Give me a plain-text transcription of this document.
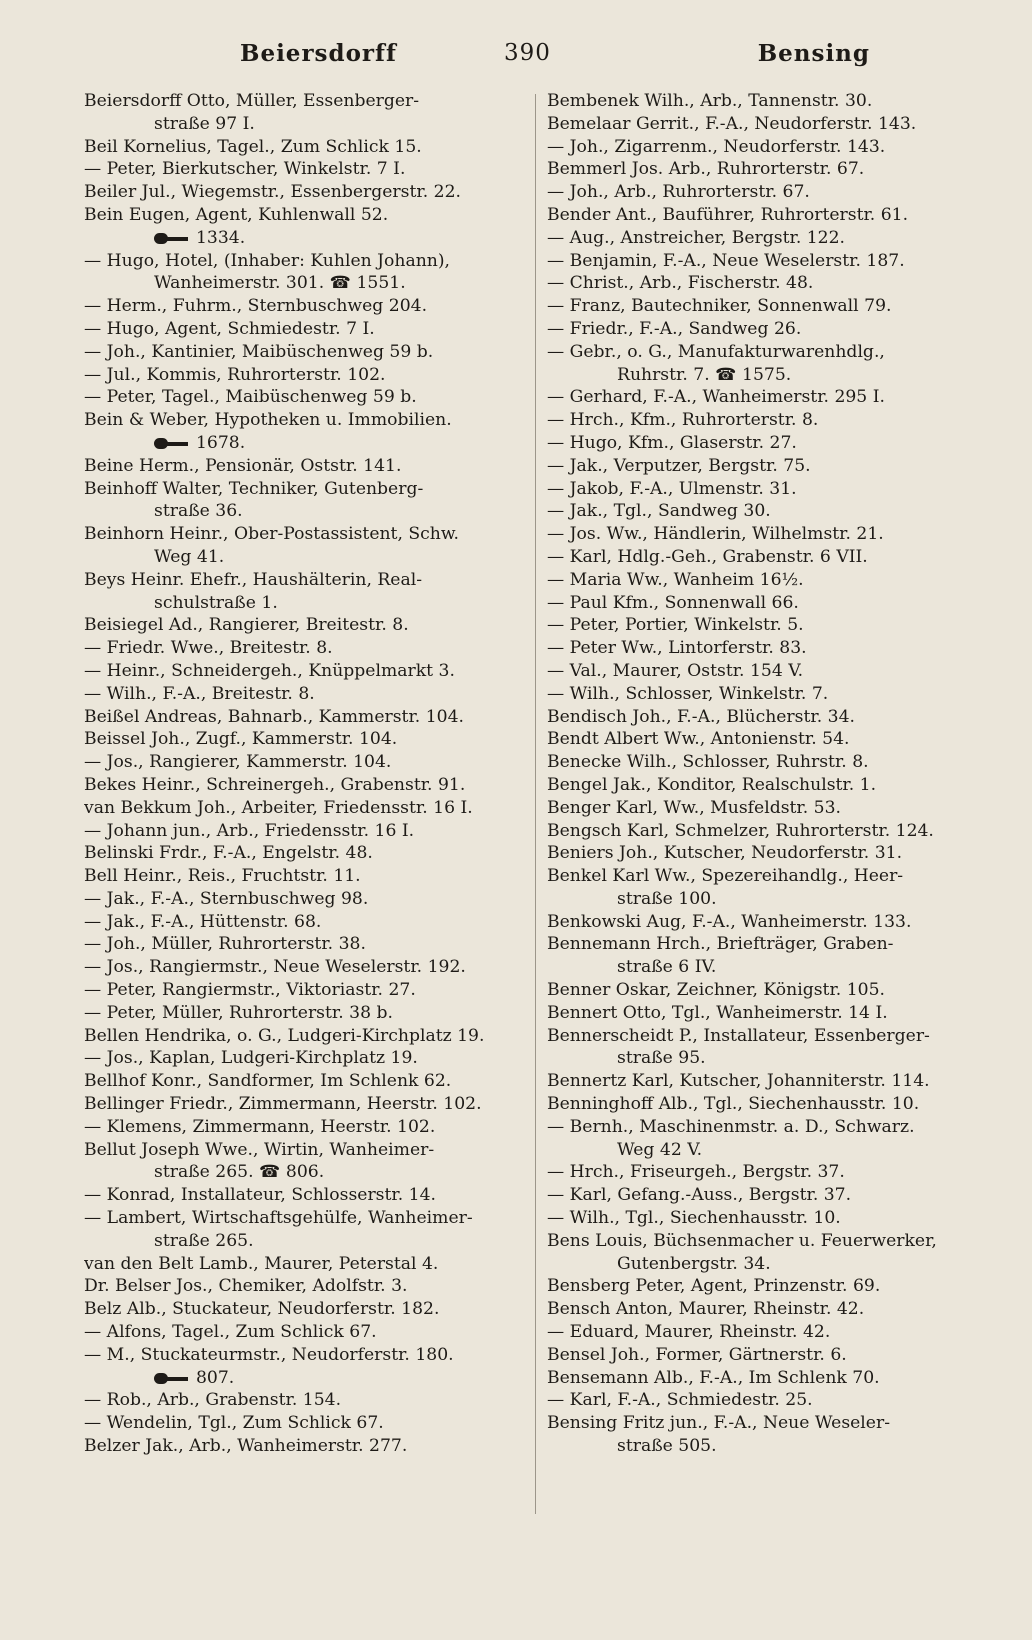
Beiersdorff	390	Bensing
Beiersdorff Otto, Müller, Essenberger-
straße 97 I.
Beil Kornelius, Tagel., Zum Schlick 15.
— Peter, Bierkutscher, Winkelstr. 7 I.
Beiler Jul., Wiegemstr., Essenbergerstr. 22.
Bein Eugen, Agent, Kuhlenwall 52.
1334.
— Hugo, Hotel, (Inhaber: Kuhlen Johann),
Wanheimerstr. 301. ☎ 1551.
— Herm., Fuhrm., Sternbuschweg 204.
— Hugo, Agent, Schmiedestr. 7 I.
— Joh., Kantinier, Maibüschenweg 59 b.
— Jul., Kommis, Ruhrorterstr. 102.
— Peter, Tagel., Maibüschenweg 59 b.
Bein & Weber, Hypotheken u. Immobilien.
1678.
Beine Herm., Pensionär, Oststr. 141.
Beinhoff Walter, Techniker, Gutenberg-
straße 36.
Beinhorn Heinr., Ober-Postassistent, Schw.
Weg 41.
Beys Heinr. Ehefr., Haushälterin, Real-
schulstraße 1.
Beisiegel Ad., Rangierer, Breitestr. 8.
— Friedr. Wwe., Breitestr. 8.
— Heinr., Schneidergeh., Knüppelmarkt 3.
— Wilh., F.-A., Breitestr. 8.
Beißel Andreas, Bahnarb., Kammerstr. 104.
Beissel Joh., Zugf., Kammerstr. 104.
— Jos., Rangierer, Kammerstr. 104.
Bekes Heinr., Schreinergeh., Grabenstr. 91.
van Bekkum Joh., Arbeiter, Friedensstr. 16 I.
— Johann jun., Arb., Friedensstr. 16 I.
Belinski Frdr., F.-A., Engelstr. 48.
Bell Heinr., Reis., Fruchtstr. 11.
— Jak., F.-A., Sternbuschweg 98.
— Jak., F.-A., Hüttenstr. 68.
— Joh., Müller, Ruhrorterstr. 38.
— Jos., Rangiermstr., Neue Weselerstr. 192.
— Peter, Rangiermstr., Viktoriastr. 27.
— Peter, Müller, Ruhrorterstr. 38 b.
Bellen Hendrika, o. G., Ludgeri-Kirchplatz 19.
— Jos., Kaplan, Ludgeri-Kirchplatz 19.
Bellhof Konr., Sandformer, Im Schlenk 62.
Bellinger Friedr., Zimmermann, Heerstr. 102.
— Klemens, Zimmermann, Heerstr. 102.
Bellut Joseph Wwe., Wirtin, Wanheimer-
straße 265. ☎ 806.
— Konrad, Installateur, Schlosserstr. 14.
— Lambert, Wirtschaftsgehülfe, Wanheimer-
straße 265.
van den Belt Lamb., Maurer, Peterstal 4.
Dr. Belser Jos., Chemiker, Adolfstr. 3.
Belz Alb., Stuckateur, Neudorferstr. 182.
— Alfons, Tagel., Zum Schlick 67.
— M., Stuckateurmstr., Neudorferstr. 180.
807.
— Rob., Arb., Grabenstr. 154.
— Wendelin, Tgl., Zum Schlick 67.
Belzer Jak., Arb., Wanheimerstr. 277.
Bembenek Wilh., Arb., Tannenstr. 30.
Bemelaar Gerrit., F.-A., Neudorferstr. 143.
— Joh., Zigarrenm., Neudorferstr. 143.
Bemmerl Jos. Arb., Ruhrorterstr. 67.
— Joh., Arb., Ruhrorterstr. 67.
Bender Ant., Bauführer, Ruhrorterstr. 61.
— Aug., Anstreicher, Bergstr. 122.
— Benjamin, F.-A., Neue Weselerstr. 187.
— Christ., Arb., Fischerstr. 48.
— Franz, Bautechniker, Sonnenwall 79.
— Friedr., F.-A., Sandweg 26.
— Gebr., o. G., Manufakturwarenhdlg.,
Ruhrstr. 7. ☎ 1575.
— Gerhard, F.-A., Wanheimerstr. 295 I.
— Hrch., Kfm., Ruhrorterstr. 8.
— Hugo, Kfm., Glaserstr. 27.
— Jak., Verputzer, Bergstr. 75.
— Jakob, F.-A., Ulmenstr. 31.
— Jak., Tgl., Sandweg 30.
— Jos. Ww., Händlerin, Wilhelmstr. 21.
— Karl, Hdlg.-Geh., Grabenstr. 6 VII.
— Maria Ww., Wanheim 16½.
— Paul Kfm., Sonnenwall 66.
— Peter, Portier, Winkelstr. 5.
— Peter Ww., Lintorferstr. 83.
— Val., Maurer, Oststr. 154 V.
— Wilh., Schlosser, Winkelstr. 7.
Bendisch Joh., F.-A., Blücherstr. 34.
Bendt Albert Ww., Antonienstr. 54.
Benecke Wilh., Schlosser, Ruhrstr. 8.
Bengel Jak., Konditor, Realschulstr. 1.
Benger Karl, Ww., Musfeldstr. 53.
Bengsch Karl, Schmelzer, Ruhrorterstr. 124.
Beniers Joh., Kutscher, Neudorferstr. 31.
Benkel Karl Ww., Spezereihandlg., Heer-
straße 100.
Benkowski Aug, F.-A., Wanheimerstr. 133.
Bennemann Hrch., Briefträger, Graben-
straße 6 IV.
Benner Oskar, Zeichner, Königstr. 105.
Bennert Otto, Tgl., Wanheimerstr. 14 I.
Bennerscheidt P., Installateur, Essenberger-
straße 95.
Bennertz Karl, Kutscher, Johanniterstr. 114.
Benninghoff Alb., Tgl., Siechenhausstr. 10.
— Bernh., Maschinenmstr. a. D., Schwarz.
Weg 42 V.
— Hrch., Friseurgeh., Bergstr. 37.
— Karl, Gefang.-Auss., Bergstr. 37.
— Wilh., Tgl., Siechenhausstr. 10.
Bens Louis, Büchsenmacher u. Feuerwerker,
Gutenbergstr. 34.
Bensberg Peter, Agent, Prinzenstr. 69.
Bensch Anton, Maurer, Rheinstr. 42.
— Eduard, Maurer, Rheinstr. 42.
Bensel Joh., Former, Gärtnerstr. 6.
Bensemann Alb., F.-A., Im Schlenk 70.
— Karl, F.-A., Schmiedestr. 25.
Bensing Fritz jun., F.-A., Neue Weseler-
straße 505.
